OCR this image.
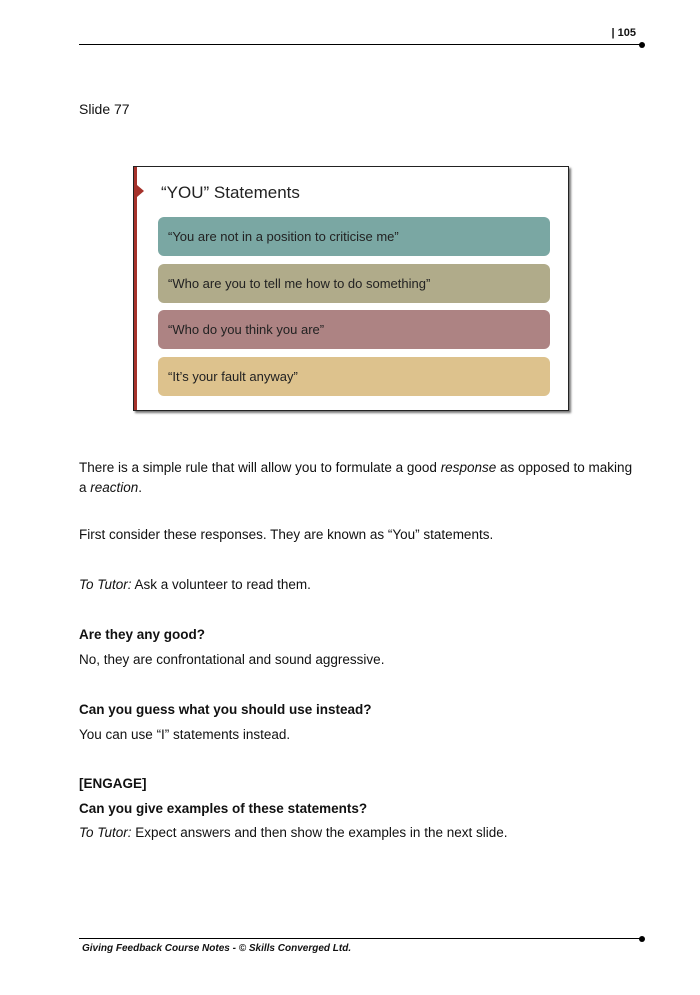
| 105
Slide 77
“YOU” Statements
“You are not in a position to criticise me”
“Who are you to tell me how to do something”
“Who do you think you are”
“It’s your fault anyway”
There is a simple rule that will allow you to formulate a good response as opposed to making a reaction.
First consider these responses. They are known as “You” statements.
To Tutor: Ask a volunteer to read them.
Are they any good?
No, they are confrontational and sound aggressive.
Can you guess what you should use instead?
You can use “I” statements instead.
[ENGAGE]
Can you give examples of these statements?
To Tutor: Expect answers and then show the examples in the next slide.
Giving Feedback Course Notes - © Skills Converged Ltd.
